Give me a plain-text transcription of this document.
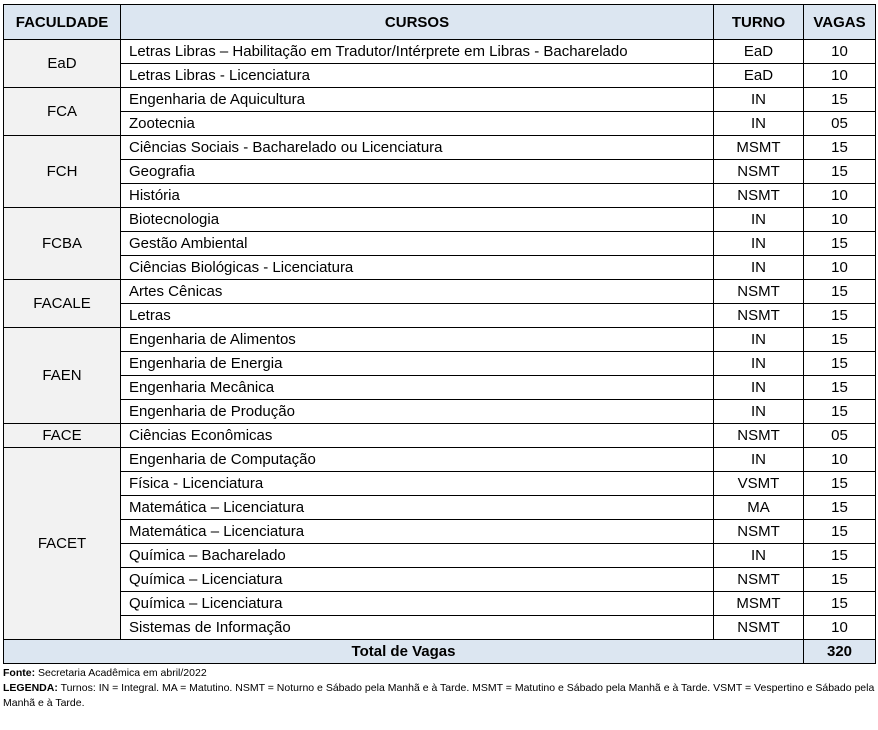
FACULDADE	CURSOS	TURNO	VAGAS
EaD	Letras Libras – Habilitação em Tradutor/Intérprete em Libras - Bacharelado	EaD	10
	Letras Libras - Licenciatura	EaD	10
FCA	Engenharia de Aquicultura	IN	15
	Zootecnia	IN	05
FCH	Ciências Sociais - Bacharelado ou Licenciatura	MSMT	15
	Geografia	NSMT	15
	História	NSMT	10
FCBA	Biotecnologia	IN	10
	Gestão Ambiental	IN	15
	Ciências Biológicas - Licenciatura	IN	10
FACALE	Artes Cênicas	NSMT	15
	Letras	NSMT	15
FAEN	Engenharia de Alimentos	IN	15
	Engenharia de Energia	IN	15
	Engenharia Mecânica	IN	15
	Engenharia de Produção	IN	15
FACE	Ciências Econômicas	NSMT	05
FACET	Engenharia de Computação	IN	10
	Física - Licenciatura	VSMT	15
	Matemática – Licenciatura	MA	15
	Matemática – Licenciatura	NSMT	15
	Química – Bacharelado	IN	15
	Química – Licenciatura	NSMT	15
	Química – Licenciatura	MSMT	15
	Sistemas de Informação	NSMT	10
Total de Vagas			320

Fonte: Secretaria Acadêmica em abril/2022

LEGENDA: Turnos: IN = Integral. MA = Matutino. NSMT = Noturno e Sábado pela Manhã e à Tarde. MSMT = Matutino e Sábado pela Manhã e à Tarde. VSMT = Vespertino e Sábado pela Manhã e à Tarde.
